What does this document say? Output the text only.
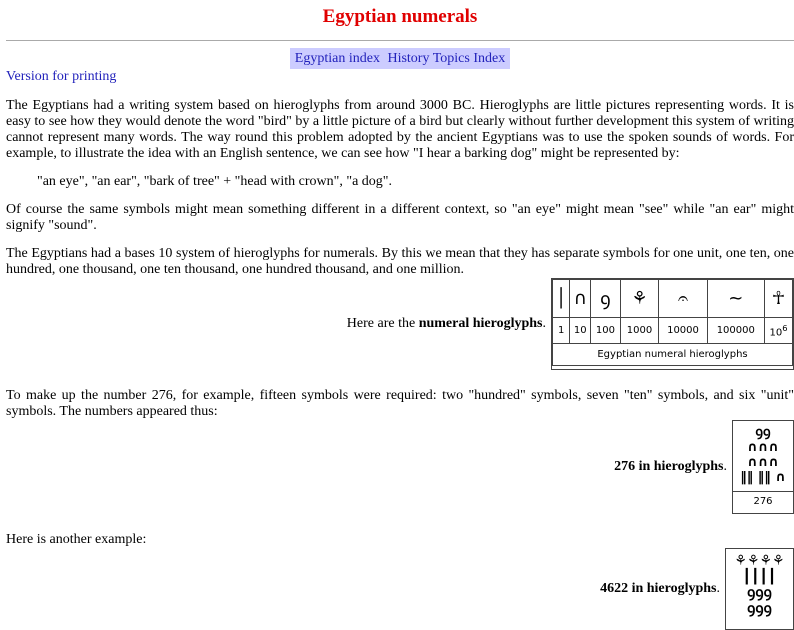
Egyptian numerals
Egyptian index History Topics Index
Version for printing

The Egyptians had a writing system based on hieroglyphs from around 3000 BC. Hieroglyphs are little pictures representing words. It is easy to see how they would denote the word "bird" by a little picture of a bird but clearly without further development this system of writing cannot represent many words. The way round this problem adopted by the ancient Egyptians was to use the spoken sounds of words. For example, to illustrate the idea with an English sentence, we can see how "I hear a barking dog" might be represented by:

"an eye", "an ear", "bark of tree" + "head with crown", "a dog".

Of course the same symbols might mean something different in a different context, so "an eye" might mean "see" while "an ear" might signify "sound".

The Egyptians had a bases 10 system of hieroglyphs for numerals. By this we mean that they has separate symbols for one unit, one ten, one hundred, one thousand, one ten thousand, one hundred thousand, and one million.

Here are the numeral hieroglyphs.
│	∩	ꝯ	⚘	𝄐	~	☥
1	10	100	1000	10000	100000	$10^6$
Egyptian numeral hieroglyphs						

To make up the number 276, for example, fifteen symbols were required: two "hundred" symbols, seven "ten" symbols, and six "unit" symbols. The numbers appeared thus:

276 in hieroglyphs.
ꝯꝯ
∩∩∩
∩∩∩
‖‖ ‖‖ ∩
276

Here is another example:

4622 in hieroglyphs.
⚘⚘⚘⚘
┃┃┃┃
ꝯꝯꝯ
ꝯꝯꝯ
